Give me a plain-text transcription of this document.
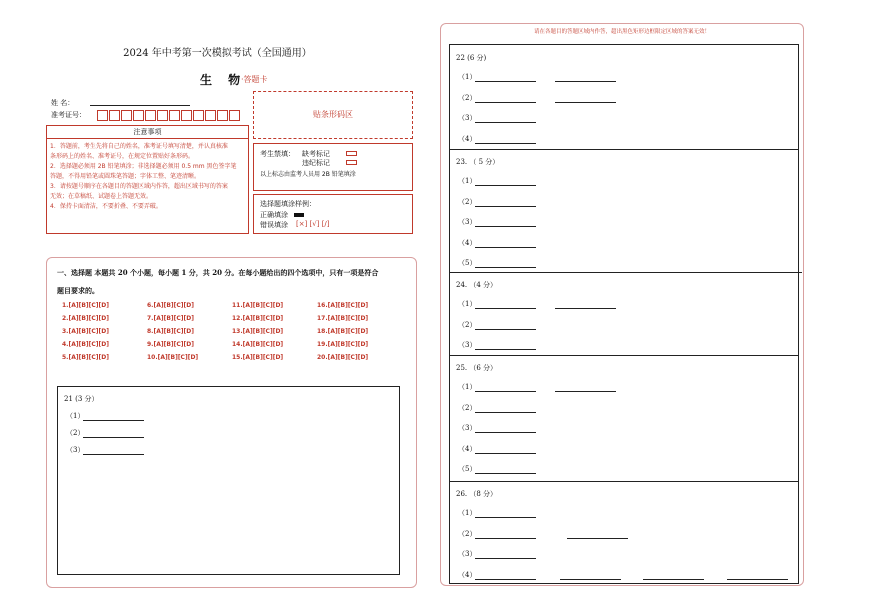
2024 年中考第一次模拟考试（全国通用）
生 物
·答题卡
姓 名：
准考证号：	贴条形码区
注意事项
1．答题前，考生先将自己的姓名，准考证号填写清楚，并认真核准
条形码上的姓名、准考证号，在规定位置贴好条形码。
2．选择题必须用 2B 铅笔填涂；非选择题必须用 0.5 mm 黑色签字笔
答题，不得用铅笔或圆珠笔答题；字体工整、笔迹清晰。
3．请按题号顺序在各题目的答题区域内作答，超出区域书写的答案
无效；在草稿纸、试题卷上答题无效。
4．保持卡面清洁，不要折叠、不要弄破。
考生禁填： 缺考标记
违纪标记
以上标志由监考人员用 2B 铅笔填涂
选择题填涂样例：
正确填涂
错误填涂 [×] [√] [/]
一、选择题 本题共 20 个小题，每小题 1 分，共 20 分。在每小题给出的四个选项中，只有一项是符合
题目要求的。
1.[A][B][C][D]	6.[A][B][C][D]	11.[A][B][C][D]	16.[A][B][C][D]
2.[A][B][C][D]	7.[A][B][C][D]	12.[A][B][C][D]	17.[A][B][C][D]
3.[A][B][C][D]	8.[A][B][C][D]	13.[A][B][C][D]	18.[A][B][C][D]
4.[A][B][C][D]	9.[A][B][C][D]	14.[A][B][C][D]	19.[A][B][C][D]
5.[A][B][C][D]	10.[A][B][C][D]	15.[A][B][C][D]	20.[A][B][C][D]
21 (3 分）
（1）
（2）
（3）
请在各题目的答题区域内作答，超出黑色矩形边框限定区域的答案无效！
22 (6 分)
（1）
（2）
（3）
（4）
23. （ 5 分）
（1）
（2）
（3）
（4）
（5）
24. （4 分）
（1）
（2）
（3）
25. （6 分）
（1）
（2）
（3）
（4）
（5）
26. （8 分）
（1）
（2）
（3）
（4）
